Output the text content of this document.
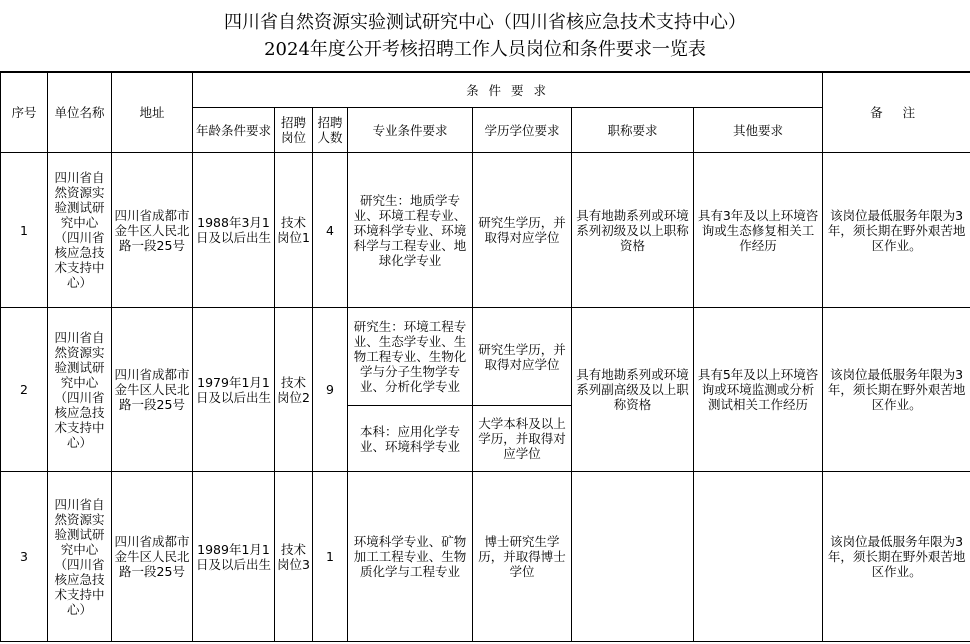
四川省自然资源实验测试研究中心（四川省核应急技术支持中心）
2024年度公开考核招聘工作人员岗位和条件要求一览表
序号	单位名称	地址	条 件 要 求							备 注
			年龄条件要求	招聘岗位	招聘人数	专业条件要求	学历学位要求	职称要求	其他要求	
1	四川省自然资源实验测试研究中心（四川省核应急技术支持中心）	四川省成都市金牛区人民北路一段25号	1988年3月1日及以后出生	技术岗位1	4	研究生：地质学专业、环境工程专业、环境科学专业、环境科学与工程专业、地球化学专业	研究生学历，并取得对应学位	具有地勘系列或环境系列初级及以上职称资格	具有3年及以上环境咨询或生态修复相关工作经历	该岗位最低服务年限为3年，须长期在野外艰苦地区作业。
2	四川省自然资源实验测试研究中心（四川省核应急技术支持中心）	四川省成都市金牛区人民北路一段25号	1979年1月1日及以后出生	技术岗位2	9	研究生：环境工程专业、生态学专业、生物工程专业、生物化学与分子生物学专业、分析化学专业	研究生学历，并取得对应学位	具有地勘系列或环境系列副高级及以上职称资格	具有5年及以上环境咨询或环境监测或分析测试相关工作经历	该岗位最低服务年限为3年，须长期在野外艰苦地区作业。
						本科：应用化学专业、环境科学专业	大学本科及以上学历，并取得对应学位			
3	四川省自然资源实验测试研究中心（四川省核应急技术支持中心）	四川省成都市金牛区人民北路一段25号	1989年1月1日及以后出生	技术岗位3	1	环境科学专业、矿物加工工程专业、生物质化学与工程专业	博士研究生学历，并取得博士学位			该岗位最低服务年限为3年，须长期在野外艰苦地区作业。
